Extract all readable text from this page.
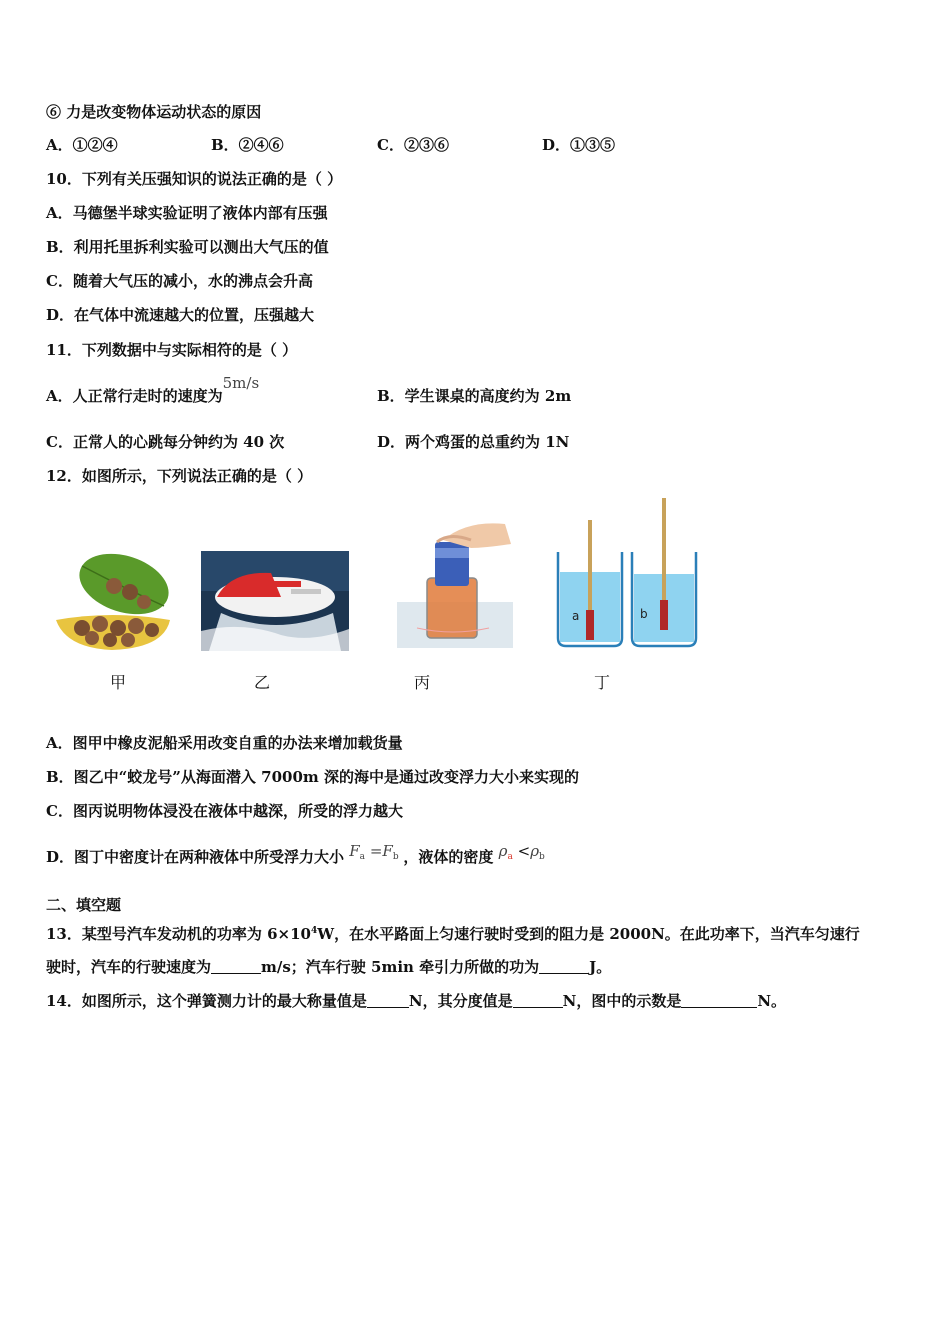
⑥ 力是改变物体运动状态的原因
A．①②④	B．②④⑥	C．②③⑥	D．①③⑤
10．下列有关压强知识的说法正确的是（ ）
A．马德堡半球实验证明了液体内部有压强
B．利用托里拆利实验可以测出大气压的值
C．随着大气压的减小，水的沸点会升高
D．在气体中流速越大的位置，压强越大
11．下列数据中与实际相符的是（ ）
A．人正常行走时的速度为5m/s
B．学生课桌的高度约为 2m
C．正常人的心跳每分钟约为 40 次	D．两个鸡蛋的总重约为 1N
12．如图所示，下列说法正确的是（ ）
a	b
甲	乙	丙	丁
A．图甲中橡皮泥船采用改变自重的办法来增加载货量
B．图乙中“蛟龙号”从海面潜入 7000m 深的海中是通过改变浮力大小来实现的
C．图丙说明物体浸没在液体中越深，所受的浮力越大
D．图丁中密度计在两种液体中所受浮力大小 $F_a =F_b$ ，液体的密度 $\rho_a <\rho_b$
二、填空题
13．某型号汽车发动机的功率为 $6\times 10^4W$，在水平路面上匀速行驶时受到的阻力是 2000N。在此功率下，当汽车匀速行
驶时，汽车的行驶速度为	m/s；汽车行驶 5min 牵引力所做的功为	J。
14．如图所示，这个弹簧测力计的最大称量值是	N，其分度值是	N，图中的示数是	N。
